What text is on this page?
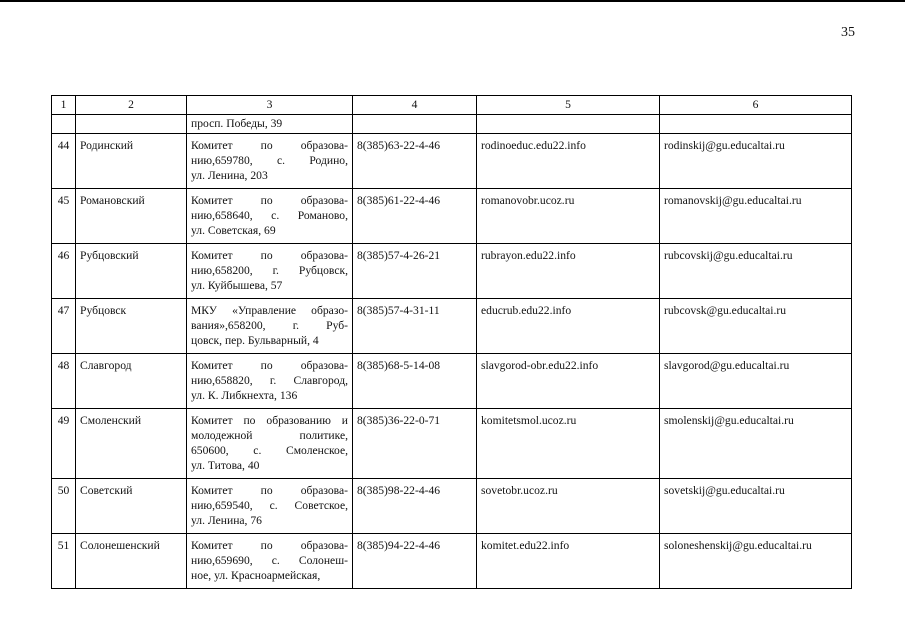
35
1	2	3	4	5	6
		просп. Победы, 39			
44	Родинский	Комитет по образова-
нию,659780, с. Родино,
ул. Ленина, 203	8(385)63-22-4-46	rodinoeduc.edu22.info	rodinskij@gu.educaltai.ru
45	Романовский	Комитет по образова-
нию,658640, с. Романово,
ул. Советская, 69	8(385)61-22-4-46	romanovobr.ucoz.ru	romanovskij@gu.educaltai.ru
46	Рубцовский	Комитет по образова-
нию,658200, г. Рубцовск,
ул. Куйбышева, 57	8(385)57-4-26-21	rubrayon.edu22.info	rubcovskij@gu.educaltai.ru
47	Рубцовск	МКУ «Управление образо-
вания»,658200, г. Руб-
цовск, пер. Бульварный, 4	8(385)57-4-31-11	educrub.edu22.info	rubcovsk@gu.educaltai.ru
48	Славгород	Комитет по образова-
нию,658820, г. Славгород,
ул. К. Либкнехта, 136	8(385)68-5-14-08	slavgorod-obr.edu22.info	slavgorod@gu.educaltai.ru
49	Смоленский	Комитет по образованию и
молодежной политике,
650600, с. Смоленское,
ул. Титова, 40	8(385)36-22-0-71	komitetsmol.ucoz.ru	smolenskij@gu.educaltai.ru
50	Советский	Комитет по образова-
нию,659540, с. Советское,
ул. Ленина, 76	8(385)98-22-4-46	sovetobr.ucoz.ru	sovetskij@gu.educaltai.ru
51	Солонешенский	Комитет по образова-
нию,659690, с. Солонеш-
ное, ул. Красноармейская,	8(385)94-22-4-46	komitet.edu22.info	soloneshenskij@gu.educaltai.ru
